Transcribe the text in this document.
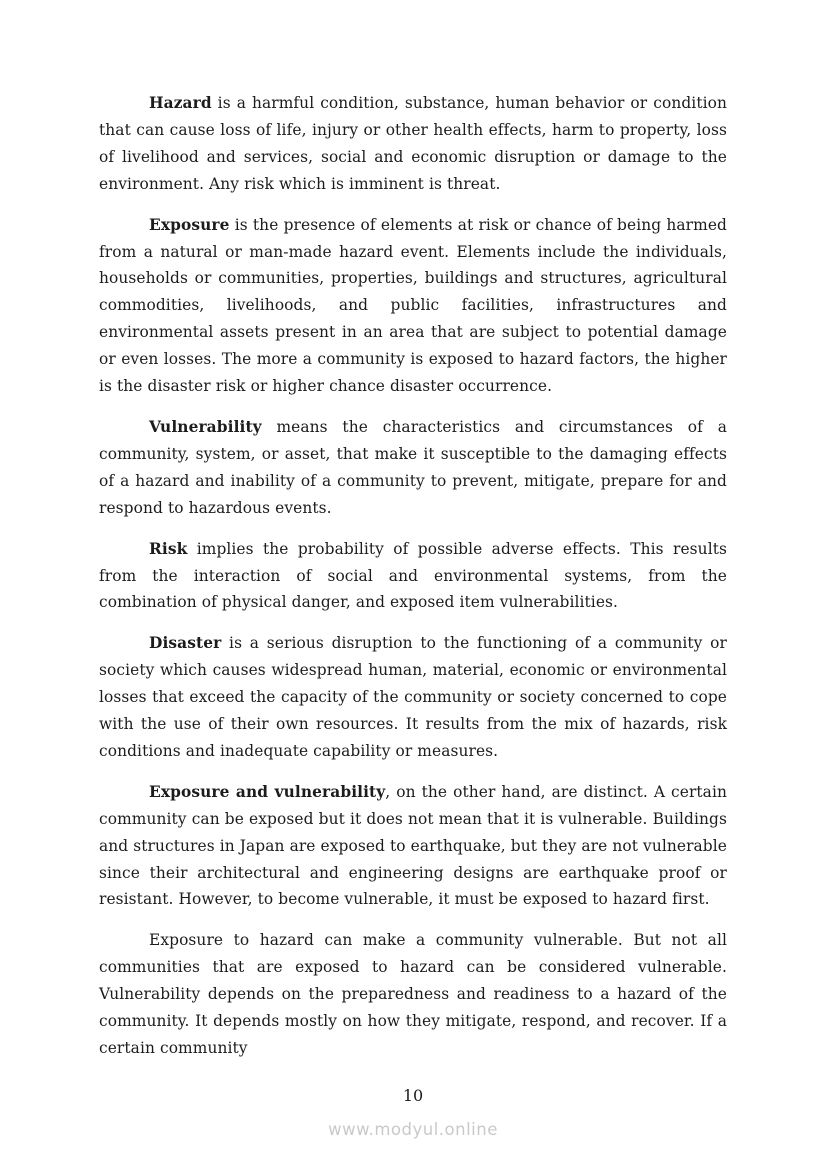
Hazard is a harmful condition, substance, human behavior or condition that can cause loss of life, injury or other health effects, harm to property, loss of livelihood and services, social and economic disruption or damage to the environment. Any risk which is imminent is threat.

Exposure is the presence of elements at risk or chance of being harmed from a natural or man-made hazard event. Elements include the individuals, households or communities, properties, buildings and structures, agricultural commodities, livelihoods, and public facilities, infrastructures and environmental assets present in an area that are subject to potential damage or even losses. The more a community is exposed to hazard factors, the higher is the disaster risk or higher chance disaster occurrence.

Vulnerability means the characteristics and circumstances of a community, system, or asset, that make it susceptible to the damaging effects of a hazard and inability of a community to prevent, mitigate, prepare for and respond to hazardous events.

Risk implies the probability of possible adverse effects. This results from the interaction of social and environmental systems, from the combination of physical danger, and exposed item vulnerabilities.

Disaster is a serious disruption to the functioning of a community or society which causes widespread human, material, economic or environmental losses that exceed the capacity of the community or society concerned to cope with the use of their own resources. It results from the mix of hazards, risk conditions and inadequate capability or measures.

Exposure and vulnerability, on the other hand, are distinct. A certain community can be exposed but it does not mean that it is vulnerable. Buildings and structures in Japan are exposed to earthquake, but they are not vulnerable since their architectural and engineering designs are earthquake proof or resistant. However, to become vulnerable, it must be exposed to hazard first.

Exposure to hazard can make a community vulnerable. But not all communities that are exposed to hazard can be considered vulnerable. Vulnerability depends on the preparedness and readiness to a hazard of the community. It depends mostly on how they mitigate, respond, and recover. If a certain community

10
www.modyul.online
